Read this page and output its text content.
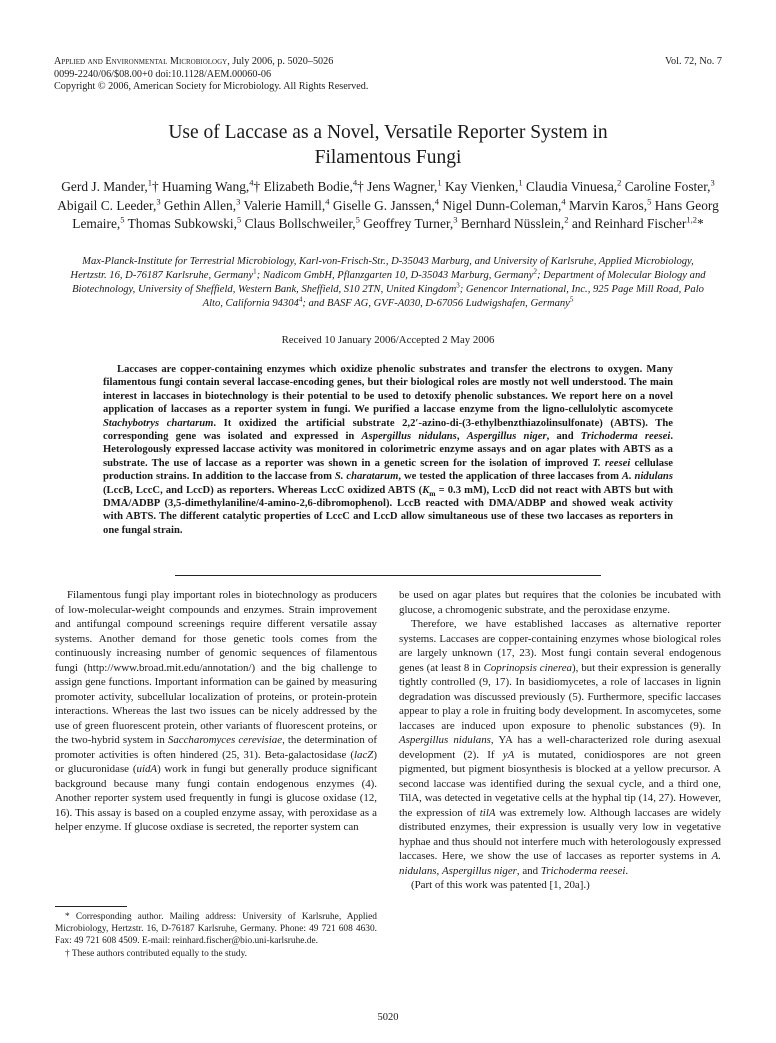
Applied and Environmental Microbiology, July 2006, p. 5020–5026	Vol. 72, No. 7
0099-2240/06/$08.00+0 doi:10.1128/AEM.00060-06
Copyright © 2006, American Society for Microbiology. All Rights Reserved.
Use of Laccase as a Novel, Versatile Reporter System in
Filamentous Fungi
Gerd J. Mander,$^1$† Huaming Wang,$^4$† Elizabeth Bodie,$^4$† Jens Wagner,$^1$ Kay Vienken,$^1$ Claudia Vinuesa,$^2$ Caroline Foster,$^3$ Abigail C. Leeder,$^3$ Gethin Allen,$^3$ Valerie Hamill,$^4$ Giselle G. Janssen,$^4$ Nigel Dunn-Coleman,$^4$ Marvin Karos,$^5$ Hans Georg Lemaire,$^5$ Thomas Subkowski,$^5$ Claus Bollschweiler,$^5$ Geoffrey Turner,$^3$ Bernhard Nüsslein,$^2$ and Reinhard Fischer$^{1,2}$*
Max-Planck-Institute for Terrestrial Microbiology, Karl-von-Frisch-Str., D-35043 Marburg, and University of Karlsruhe, Applied Microbiology, Hertzstr. 16, D-76187 Karlsruhe, Germany$^1$; Nadicom GmbH, Pflanzgarten 10, D-35043 Marburg, Germany$^2$; Department of Molecular Biology and Biotechnology, University of Sheffield, Western Bank, Sheffield, S10 2TN, United Kingdom$^3$; Genencor International, Inc., 925 Page Mill Road, Palo Alto, California 94304$^4$; and BASF AG, GVF-A030, D-67056 Ludwigshafen, Germany$^5$
Received 10 January 2006/Accepted 2 May 2006

Laccases are copper-containing enzymes which oxidize phenolic substrates and transfer the electrons to oxygen. Many filamentous fungi contain several laccase-encoding genes, but their biological roles are mostly not well understood. The main interest in laccases in biotechnology is their potential to be used to detoxify phenolic substances. We report here on a novel application of laccases as a reporter system in fungi. We purified a laccase enzyme from the ligno-cellulolytic ascomycete Stachybotrys chartarum. It oxidized the artificial substrate 2,2′-azino-di-(3-ethylbenzthiazolinsulfonate) (ABTS). The corresponding gene was isolated and expressed in Aspergillus nidulans, Aspergillus niger, and Trichoderma reesei. Heterologously expressed laccase activity was monitored in colorimetric enzyme assays and on agar plates with ABTS as a substrate. The use of laccase as a reporter was shown in a genetic screen for the isolation of improved T. reesei cellulase production strains. In addition to the laccase from S. charatarum, we tested the application of three laccases from A. nidulans (LccB, LccC, and LccD) as reporters. Whereas LccC oxidized ABTS ($K_m = 0.3$ mM), LccD did not react with ABTS but with DMA/ADBP (3,5-dimethylaniline/4-amino-2,6-dibromophenol). LccB reacted with DMA/ADBP and showed weak activity with ABTS. The different catalytic properties of LccC and LccD allow simultaneous use of these two laccases as reporters in one fungal strain.

Filamentous fungi play important roles in biotechnology as producers of low-molecular-weight compounds and enzymes. Strain improvement and antifungal compound screenings require different versatile assay systems. Another demand for those genetic tools comes from the continuously increasing number of genomic sequences of filamentous fungi (http://www.broad.mit.edu/annotation/) and the big challenge to assign gene functions. Important information can be gained by measuring promoter activity, subcellular localization of proteins, or protein-protein interactions. Whereas the last two issues can be nicely addressed by the use of green fluorescent protein, other variants of fluorescent proteins, or the two-hybrid system in Saccharomyces cerevisiae, the determination of promoter activities is often hindered (25, 31). Beta-galactosidase (lacZ) or glucuronidase (uidA) work in fungi but generally produce significant background because many fungi contain endogenous enzymes (4). Another reporter system used frequently in fungi is glucose oxidase (12, 16). This assay is based on a coupled enzyme assay, with peroxidase as a helper enzyme. If glucose oxdiase is secreted, the reporter system can

be used on agar plates but requires that the colonies be incubated with glucose, a chromogenic substrate, and the peroxidase enzyme.

Therefore, we have established laccases as alternative reporter systems. Laccases are copper-containing enzymes whose biological roles are largely unknown (17, 23). Most fungi contain several endogenous genes (at least 8 in Coprinopsis cinerea), but their expression is generally tightly controlled (9, 17). In basidiomycetes, a role of laccases in lignin degradation was discussed previously (5). Furthermore, specific laccases appear to play a role in fruiting body development. In ascomycetes, some laccases are induced upon exposure to phenolic substances (9). In Aspergillus nidulans, YA has a well-characterized role during asexual development (2). If yA is mutated, conidiospores are not green pigmented, but pigment biosynthesis is blocked at a yellow precursor. A second laccase was identified during the sexual cycle, and a third one, TilA, was detected in vegetative cells at the hyphal tip (14, 27). However, the expression of tilA was extremely low. Although laccases are widely distributed enzymes, their expression is usually very low in vegetative hyphae and thus should not interfere much with heterologously expressed laccases. Here, we show the use of laccases as reporter systems in A. nidulans, Aspergillus niger, and Trichoderma reesei.

(Part of this work was patented [1, 20a].)

* Corresponding author. Mailing address: University of Karlsruhe, Applied Microbiology, Hertzstr. 16, D-76187 Karlsruhe, Germany. Phone: 49 721 608 4630. Fax: 49 721 608 4509. E-mail: reinhard.fischer@bio.uni-karlsruhe.de.

† These authors contributed equally to the study.

5020
